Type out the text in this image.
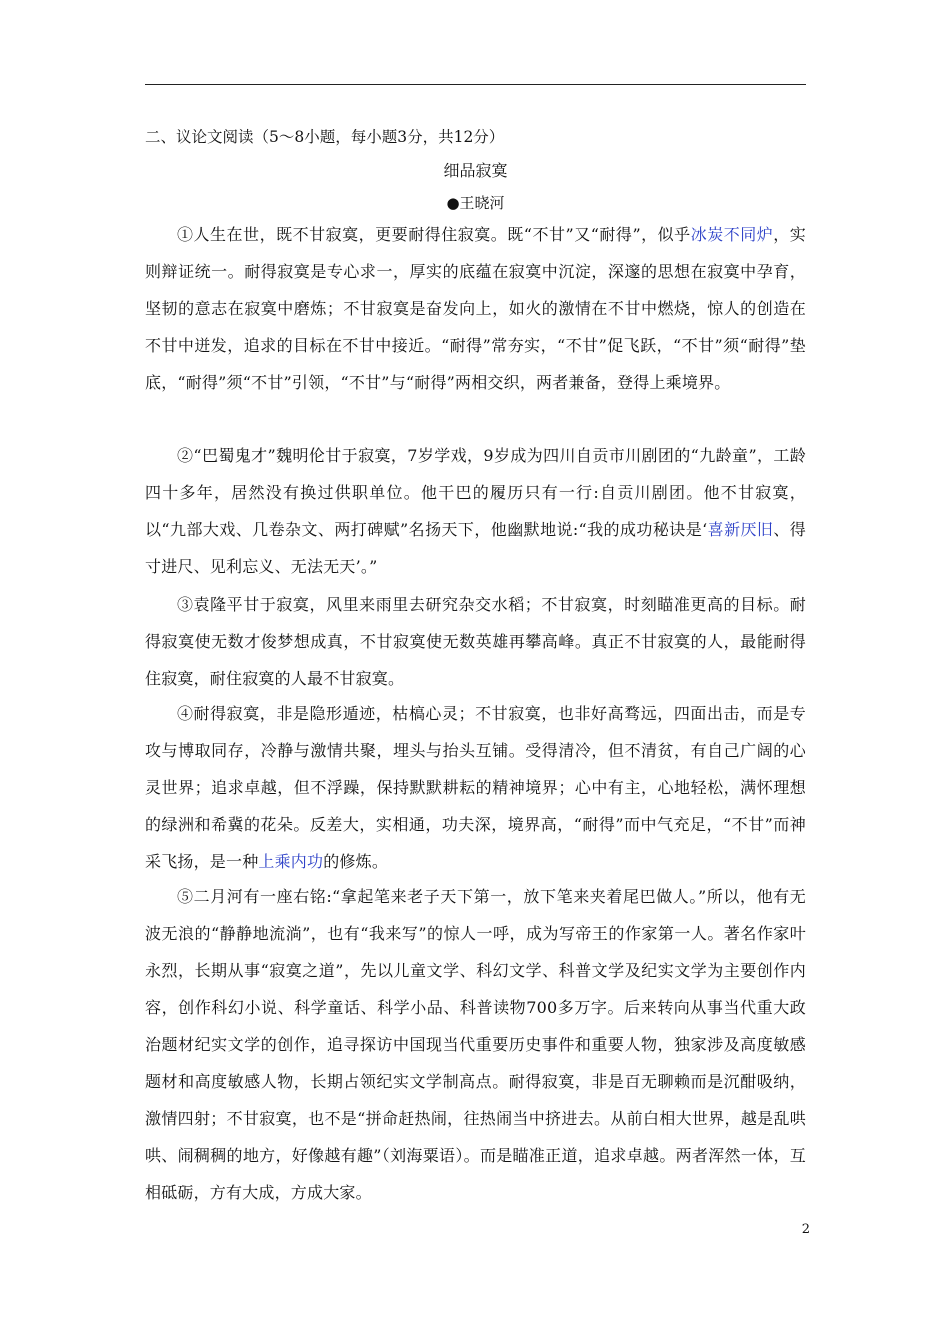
二、议论文阅读（5～8小题，每小题3分，共12分）
细品寂寞
●王晓河

①人生在世，既不甘寂寞，更要耐得住寂寞。既“不甘”又“耐得”，似乎冰炭不同炉，实则辩证统一。耐得寂寞是专心求一，厚实的底蕴在寂寞中沉淀，深邃的思想在寂寞中孕育，坚韧的意志在寂寞中磨炼；不甘寂寞是奋发向上，如火的激情在不甘中燃烧，惊人的创造在不甘中迸发，追求的目标在不甘中接近。“耐得”常夯实，“不甘”促飞跃，“不甘”须“耐得”垫底，“耐得”须“不甘”引领，“不甘”与“耐得”两相交织，两者兼备，登得上乘境界。

②“巴蜀鬼才”魏明伦甘于寂寞，7岁学戏，9岁成为四川自贡市川剧团的“九龄童”，工龄四十多年，居然没有换过供职单位。他干巴的履历只有一行:自贡川剧团。他不甘寂寞，以“九部大戏、几卷杂文、两打碑赋”名扬天下，他幽默地说:“我的成功秘诀是‘喜新厌旧、得寸进尺、见利忘义、无法无天’。”

③袁隆平甘于寂寞，风里来雨里去研究杂交水稻；不甘寂寞，时刻瞄准更高的目标。耐得寂寞使无数才俊梦想成真，不甘寂寞使无数英雄再攀高峰。真正不甘寂寞的人，最能耐得住寂寞，耐住寂寞的人最不甘寂寞。

④耐得寂寞，非是隐形遁迹，枯槁心灵；不甘寂寞，也非好高骛远，四面出击，而是专攻与博取同存，冷静与激情共聚，埋头与抬头互铺。受得清冷，但不清贫，有自己广阔的心灵世界；追求卓越，但不浮躁，保持默默耕耘的精神境界；心中有主，心地轻松，满怀理想的绿洲和希冀的花朵。反差大，实相通，功夫深，境界高，“耐得”而中气充足，“不甘”而神采飞扬，是一种上乘内功的修炼。

⑤二月河有一座右铭:“拿起笔来老子天下第一，放下笔来夹着尾巴做人。”所以，他有无波无浪的“静静地流淌”，也有“我来写”的惊人一呼，成为写帝王的作家第一人。著名作家叶永烈，长期从事“寂寞之道”，先以儿童文学、科幻文学、科普文学及纪实文学为主要创作内容，创作科幻小说、科学童话、科学小品、科普读物700多万字。后来转向从事当代重大政治题材纪实文学的创作，追寻探访中国现当代重要历史事件和重要人物，独家涉及高度敏感题材和高度敏感人物，长期占领纪实文学制高点。耐得寂寞，非是百无聊赖而是沉酣吸纳，激情四射；不甘寂寞，也不是“拼命赶热闹，往热闹当中挤进去。从前白相大世界，越是乱哄哄、闹稠稠的地方，好像越有趣”（刘海粟语）。而是瞄准正道，追求卓越。两者浑然一体，互相砥砺，方有大成，方成大家。

2
